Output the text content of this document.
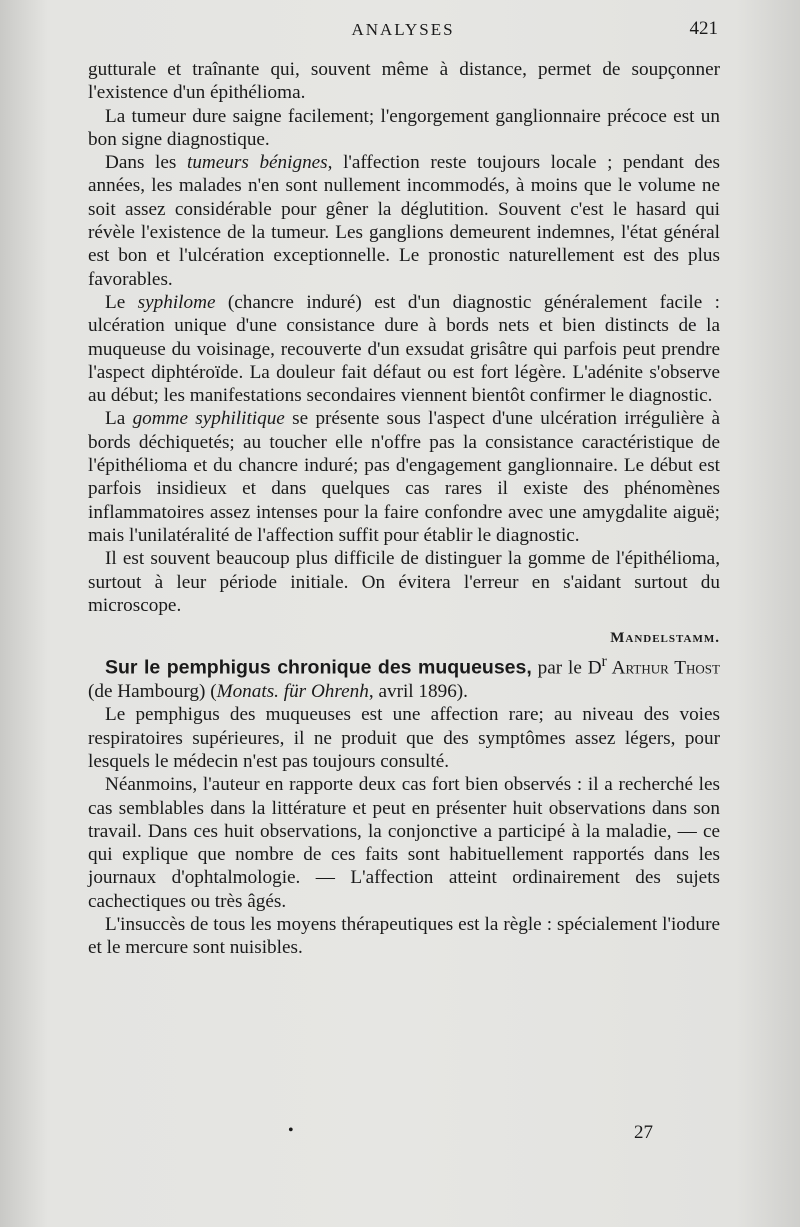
ANALYSES	421

gutturale et traînante qui, souvent même à distance, permet de soupçonner l'existence d'un épithélioma.

La tumeur dure saigne facilement; l'engorgement ganglionnaire précoce est un bon signe diagnostique.

Dans les tumeurs bénignes, l'affection reste toujours locale ; pendant des années, les malades n'en sont nullement incommodés, à moins que le volume ne soit assez considérable pour gêner la déglutition. Souvent c'est le hasard qui révèle l'existence de la tumeur. Les ganglions demeurent indemnes, l'état général est bon et l'ulcération exceptionnelle. Le pronostic naturellement est des plus favorables.

Le syphilome (chancre induré) est d'un diagnostic généralement facile : ulcération unique d'une consistance dure à bords nets et bien distincts de la muqueuse du voisinage, recouverte d'un exsudat grisâtre qui parfois peut prendre l'aspect diphtéroïde. La douleur fait défaut ou est fort légère. L'adénite s'observe au début; les manifestations secondaires viennent bientôt confirmer le diagnostic.

La gomme syphilitique se présente sous l'aspect d'une ulcération irrégulière à bords déchiquetés; au toucher elle n'offre pas la consistance caractéristique de l'épithélioma et du chancre induré; pas d'engagement ganglionnaire. Le début est parfois insidieux et dans quelques cas rares il existe des phénomènes inflammatoires assez intenses pour la faire confondre avec une amygdalite aiguë; mais l'unilatéralité de l'affection suffit pour établir le diagnostic.

Il est souvent beaucoup plus difficile de distinguer la gomme de l'épithélioma, surtout à leur période initiale. On évitera l'erreur en s'aidant surtout du microscope.

Mandelstamm.

Sur le pemphigus chronique des muqueuses, par le $D^r$ Arthur Thost (de Hambourg) (Monats. für Ohrenh, avril 1896).

Le pemphigus des muqueuses est une affection rare; au niveau des voies respiratoires supérieures, il ne produit que des symptômes assez légers, pour lesquels le médecin n'est pas toujours consulté.

Néanmoins, l'auteur en rapporte deux cas fort bien observés : il a recherché les cas semblables dans la littérature et peut en présenter huit observations dans son travail. Dans ces huit observations, la conjonctive a participé à la maladie, — ce qui explique que nombre de ces faits sont habituellement rapportés dans les journaux d'ophtalmologie. — L'affection atteint ordinairement des sujets cachectiques ou très âgés.

L'insuccès de tous les moyens thérapeutiques est la règle : spécialement l'iodure et le mercure sont nuisibles.

•	27
